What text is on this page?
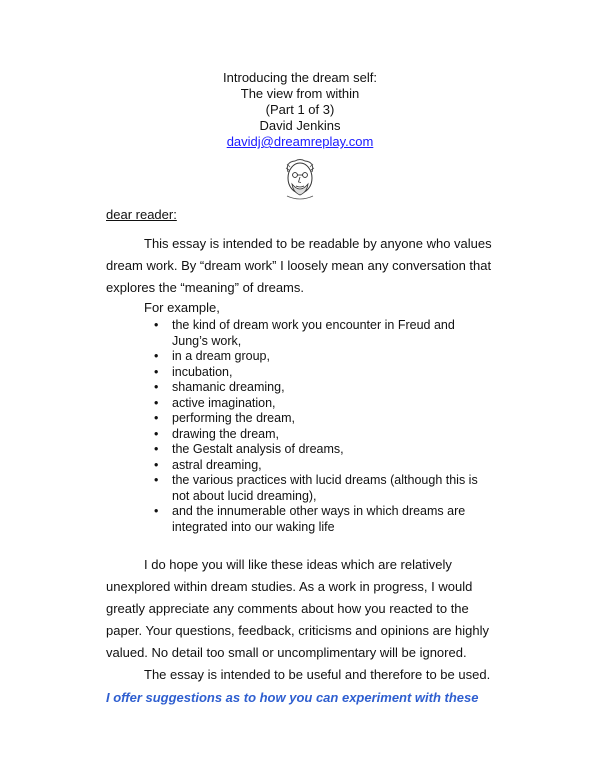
Introducing the dream self:
The view from within
(Part 1 of 3)
David Jenkins
davidj@dreamreplay.com
dear reader:
This essay is intended to be readable by anyone who values dream work. By “dream work” I loosely mean any conversation that explores the “meaning” of dreams.
For example,
• the kind of dream work you encounter in Freud and Jung’s work,
• in a dream group,
• incubation,
• shamanic dreaming,
• active imagination,
• performing the dream,
• drawing the dream,
• the Gestalt analysis of dreams,
• astral dreaming,
• the various practices with lucid dreams (although this is not about lucid dreaming),
• and the innumerable other ways in which dreams are integrated into our waking life
I do hope you will like these ideas which are relatively unexplored within dream studies. As a work in progress, I would greatly appreciate any comments about how you reacted to the paper. Your questions, feedback, criticisms and opinions are highly valued. No detail too small or uncomplimentary will be ignored.
The essay is intended to be useful and therefore to be used.
I offer suggestions as to how you can experiment with these
